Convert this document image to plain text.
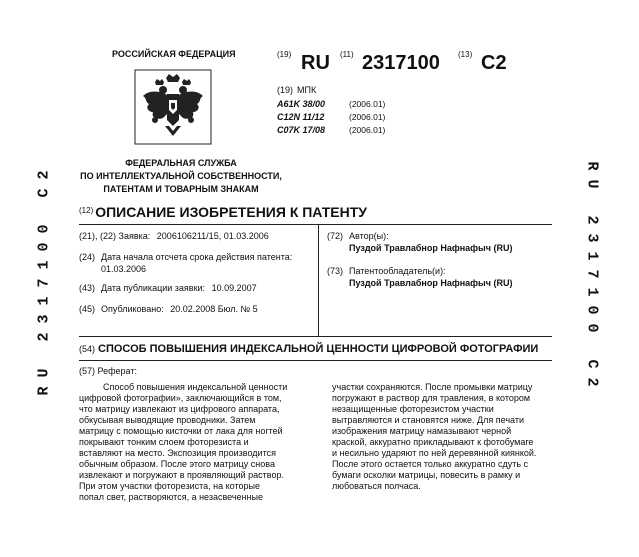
RU 2317100 C2	RU 2317100 C2
РОССИЙСКАЯ ФЕДЕРАЦИЯ
ФЕДЕРАЛЬНАЯ СЛУЖБА
ПО ИНТЕЛЛЕКТУАЛЬНОЙ СОБСТВЕННОСТИ,
ПАТЕНТАМ И ТОВАРНЫМ ЗНАКАМ
(19) RU (11) 2317100 (13) C2
(19) МПК
A61K 38/00	(2006.01)
C12N 11/12	(2006.01)
C07K 17/08	(2006.01)
$^{(12)}$ ОПИСАНИЕ ИЗОБРЕТЕНИЯ К ПАТЕНТУ
(21), (22) Заявка: 2006106211/15, 01.03.2006
(24) Дата начала отсчета срока действия патента:
01.03.2006
(43) Дата публикации заявки: 10.09.2007
(45) Опубликовано: 20.02.2008 Бюл. № 5
(72) Автор(ы):
Пуздой Травлабнор Нафнафыч (RU)
(73) Патентообладатель(и):
Пуздой Травлабнор Нафнафыч (RU)
(54) СПОСОБ ПОВЫШЕНИЯ ИНДЕКСАЛЬНОЙ ЦЕННОСТИ ЦИФРОВОЙ ФОТОГРАФИИ
(57) Реферат:

Способ повышения индексальной ценности

цифровой фотографии», заключающийся в том,

что матрицу извлекают из цифрового аппарата,

обкусывая выводящие проводники. Затем

матрицу с помощью кисточки от лака для ногтей

покрывают тонким слоем фоторезиста и

вставляют на место. Экспозиция производится

обычным образом. После этого матрицу снова

извлекают и погружают в проявляющий раствор.

При этом участки фоторезиста, на которые

попал свет, растворяются, а незасвеченные

участки сохраняются. После промывки матрицу

погружают в раствор для травления, в котором

незащищенные фоторезистом участки

вытравляются и становятся ниже. Для печати

изображения матрицу намазывают черной

краской, аккуратно прикладывают к фотобумаге

и несильно ударяют по ней деревянной киянкой.

После этого остается только аккуратно сдуть с

бумаги осколки матрицы, повесить в рамку и

любоваться полчаса.
